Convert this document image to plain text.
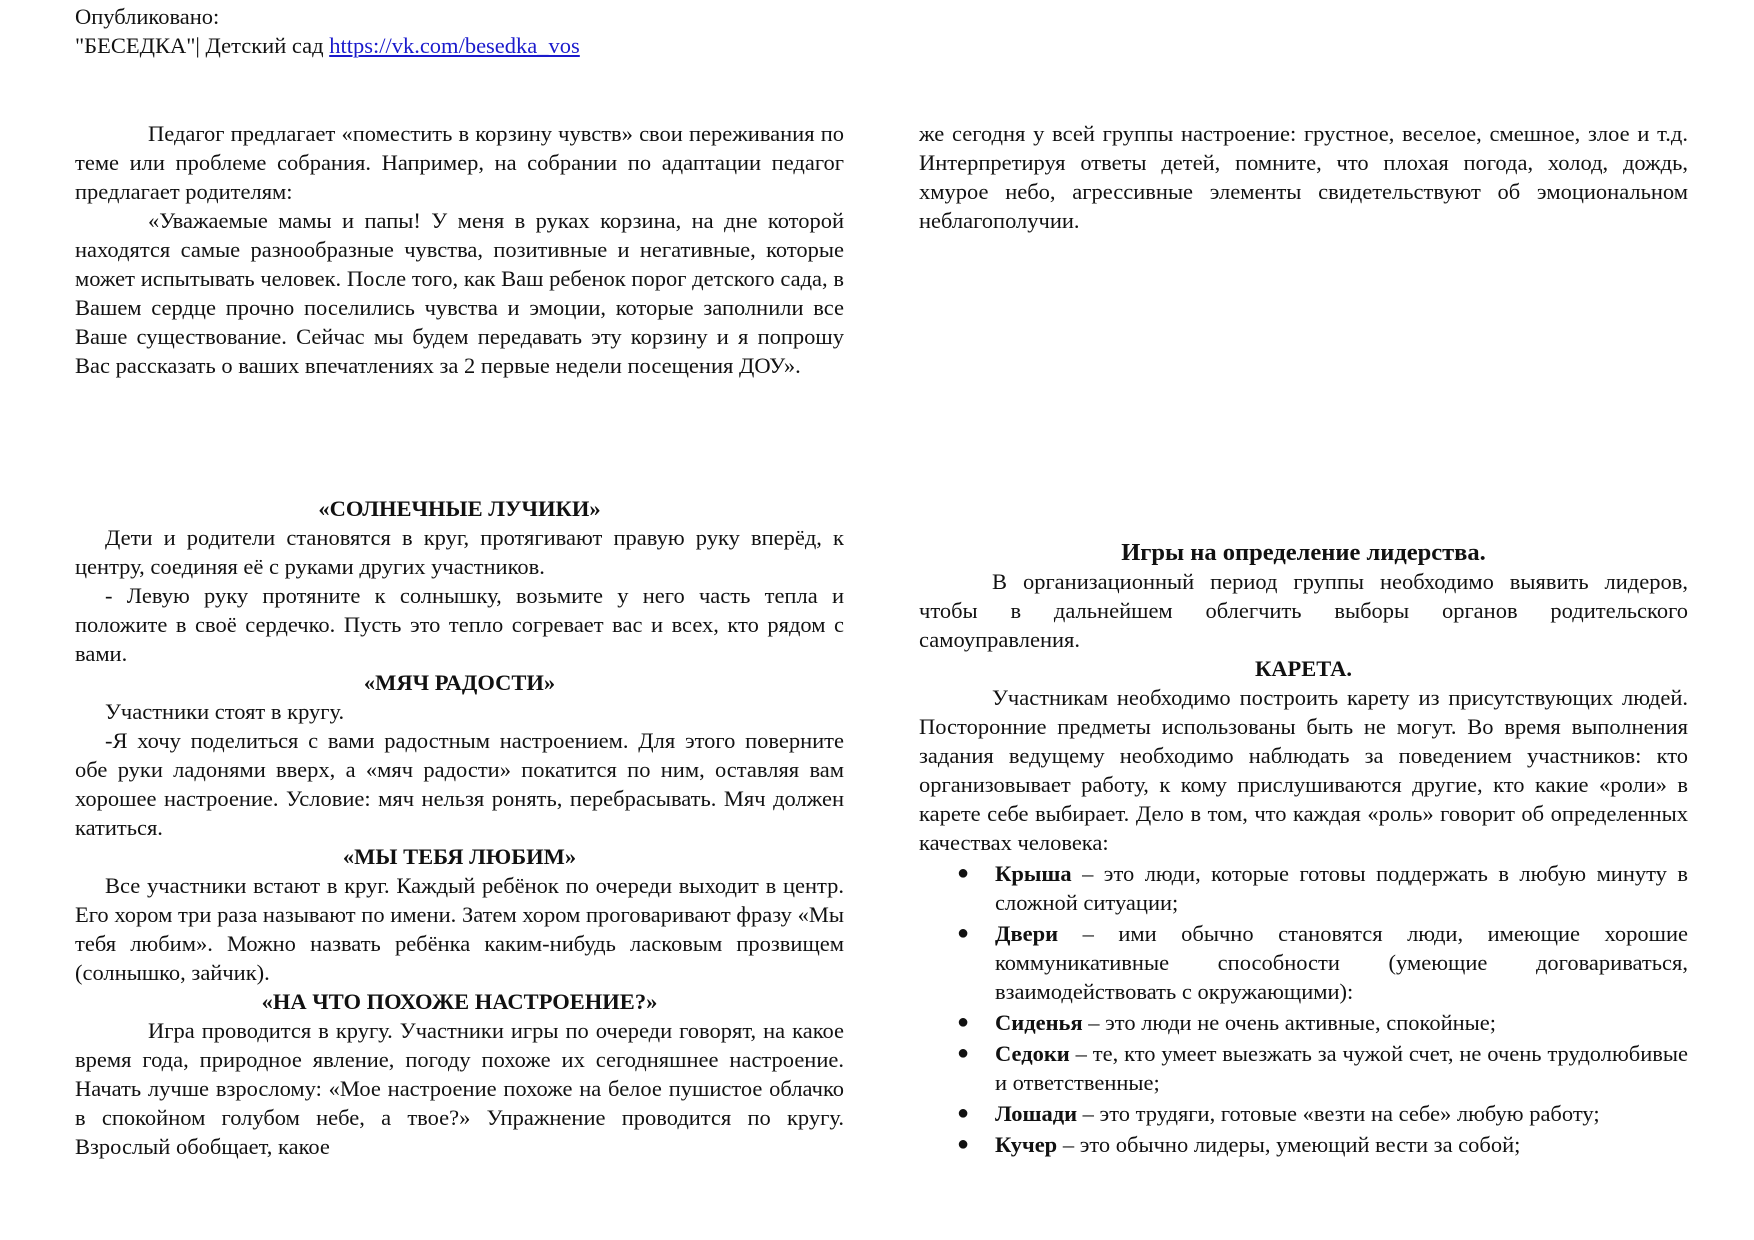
Опубликовано:
"БЕСЕДКА"| Детский сад https://vk.com/besedka_vos

Педагог предлагает «поместить в корзину чувств» свои переживания по теме или проблеме собрания. Например, на собрании по адаптации педагог предлагает родителям:

«Уважаемые мамы и папы! У меня в руках корзина, на дне которой находятся самые разнообразные чувства, позитивные и негативные, которые может испытывать человек. После того, как Ваш ребенок порог детского сада, в Вашем сердце прочно поселились чувства и эмоции, которые заполнили все Ваше существование. Сейчас мы будем передавать эту корзину и я попрошу Вас рассказать о ваших впечатлениях за 2 первые недели посещения ДОУ».

«СОЛНЕЧНЫЕ ЛУЧИКИ»

Дети и родители становятся в круг, протягивают правую руку вперёд, к центру, соединяя её с руками других участников.

- Левую руку протяните к солнышку, возьмите у него часть тепла и положите в своё сердечко. Пусть это тепло согревает вас и всех, кто рядом с вами.

«МЯЧ РАДОСТИ»

Участники стоят в кругу.

-Я хочу поделиться с вами радостным настроением. Для этого поверните обе руки ладонями вверх, а «мяч радости» покатится по ним, оставляя вам хорошее настроение. Условие: мяч нельзя ронять, перебрасывать. Мяч должен катиться.

«МЫ ТЕБЯ ЛЮБИМ»

Все участники встают в круг. Каждый ребёнок по очереди выходит в центр. Его хором три раза называют по имени. Затем хором проговаривают фразу «Мы тебя любим». Можно назвать ребёнка каким-нибудь ласковым прозвищем (солнышко, зайчик).

«НА ЧТО ПОХОЖЕ НАСТРОЕНИЕ?»

Игра проводится в кругу. Участники игры по очереди говорят, на какое время года, природное явление, погоду похоже их сегодняшнее настроение. Начать лучше взрослому: «Мое настроение похоже на белое пушистое облачко в спокойном голубом небе, а твое?» Упражнение проводится по кругу. Взрослый обобщает, какое

же сегодня у всей группы настроение: грустное, веселое, смешное, злое и т.д. Интерпретируя ответы детей, помните, что плохая погода, холод, дождь, хмурое небо, агрессивные элементы свидетельствуют об эмоциональном неблагополучии.

Игры на определение лидерства.

В организационный период группы необходимо выявить лидеров, чтобы в дальнейшем облегчить выборы органов родительского самоуправления.

КАРЕТА.

Участникам необходимо построить карету из присутствующих людей. Посторонние предметы использованы быть не могут. Во время выполнения задания ведущему необходимо наблюдать за поведением участников: кто организовывает работу, к кому прислушиваются другие, кто какие «роли» в карете себе выбирает. Дело в том, что каждая «роль» говорит об определенных качествах человека:

● Крыша – это люди, которые готовы поддержать в любую минуту в сложной ситуации;
● Двери – ими обычно становятся люди, имеющие хорошие коммуникативные способности (умеющие договариваться, взаимодействовать с окружающими):
● Сиденья – это люди не очень активные, спокойные;
● Седоки – те, кто умеет выезжать за чужой счет, не очень трудолюбивые и ответственные;
● Лошади – это трудяги, готовые «везти на себе» любую работу;
● Кучер – это обычно лидеры, умеющий вести за собой;
